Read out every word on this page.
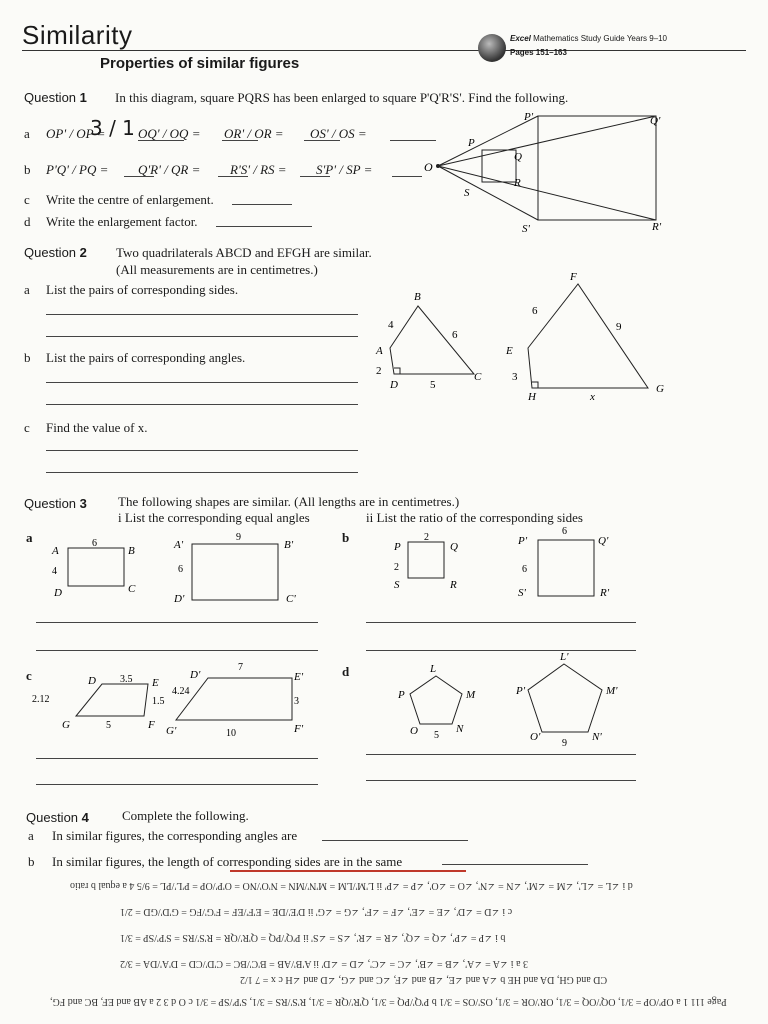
Similarity
Properties of similar figures
Excel Mathematics Study Guide Years 9–10
Pages 151–163
Question 1 In this diagram, square PQRS has been enlarged to square P'Q'R'S'. Find the following.
a OP' / OP =	OQ' / OQ = OR' / OR = OS' / OS =
3 / 1
b P'Q' / PQ = Q'R' / QR = R'S' / RS = S'P' / SP =
c Write the centre of enlargement.
d Write the enlargement factor.
O
P
Q
R
S
P'	Q'
R'
S'
Question 2 Two quadrilaterals ABCD and EFGH are similar.
(All measurements are in centimetres.)
a List the pairs of corresponding sides.
b List the pairs of corresponding angles.
c Find the value of x.
A
B
C
D
4
6
2
5
E
F
G
H
6
9
3
x
Question 3 The following shapes are similar. (All lengths are in centimetres.)
i List the corresponding equal angles	ii List the ratio of the corresponding sides
a	b
A	B
C
D
6
4
A'	B'
C'
D'
9
6
P	Q
R
S
2
2
P'	Q'
R'
S'
6
6
c	d
D	E
F
G
3.5
2.12	1.5
5
D'	E'
F'
G'
7
4.24
3
10
L
M
N
O
P
5
L'
M'
N'
O'
P'
9
Question 4	Complete the following.
a In similar figures, the corresponding angles are
b In similar figures, the length of corresponding sides are in the same
d i ∠L = ∠L', ∠M = ∠M', ∠N = ∠N', ∠O = ∠O', ∠P = ∠P' ii L'M'/LM = M'N'/MN = N'O'/NO = O'P'/OP = P'L'/PL = 9/5 4 a equal b ratio
c i ∠D = ∠D', ∠E = ∠E', ∠F = ∠F', ∠G = ∠G' ii D'E'/DE = E'F'/EF = F'G'/FG = G'D'/GD = 2/1
b i ∠P = ∠P', ∠Q = ∠Q', ∠R = ∠R', ∠S = ∠S' ii P'Q'/PQ = Q'R'/QR = R'S'/RS = S'P'/SP = 3/1
3 a i ∠A = ∠A', ∠B = ∠B', ∠C = ∠C', ∠D = ∠D' ii A'B'/AB = B'C'/BC = C'D'/CD = D'A'/DA = 3/2
CD and GH, DA and HE b ∠A and ∠E, ∠B and ∠F, ∠C and ∠G, ∠D and ∠H c x = 7 1/2
Page 111 1 a OP'/OP = 3/1, OQ'/OQ = 3/1, OR'/OR = 3/1, OS'/OS = 3/1 b P'Q'/PQ = 3/1, Q'R'/QR = 3/1, R'S'/RS = 3/1, S'P'/SP = 3/1 c O d 3 2 a AB and EF, BC and FG,
